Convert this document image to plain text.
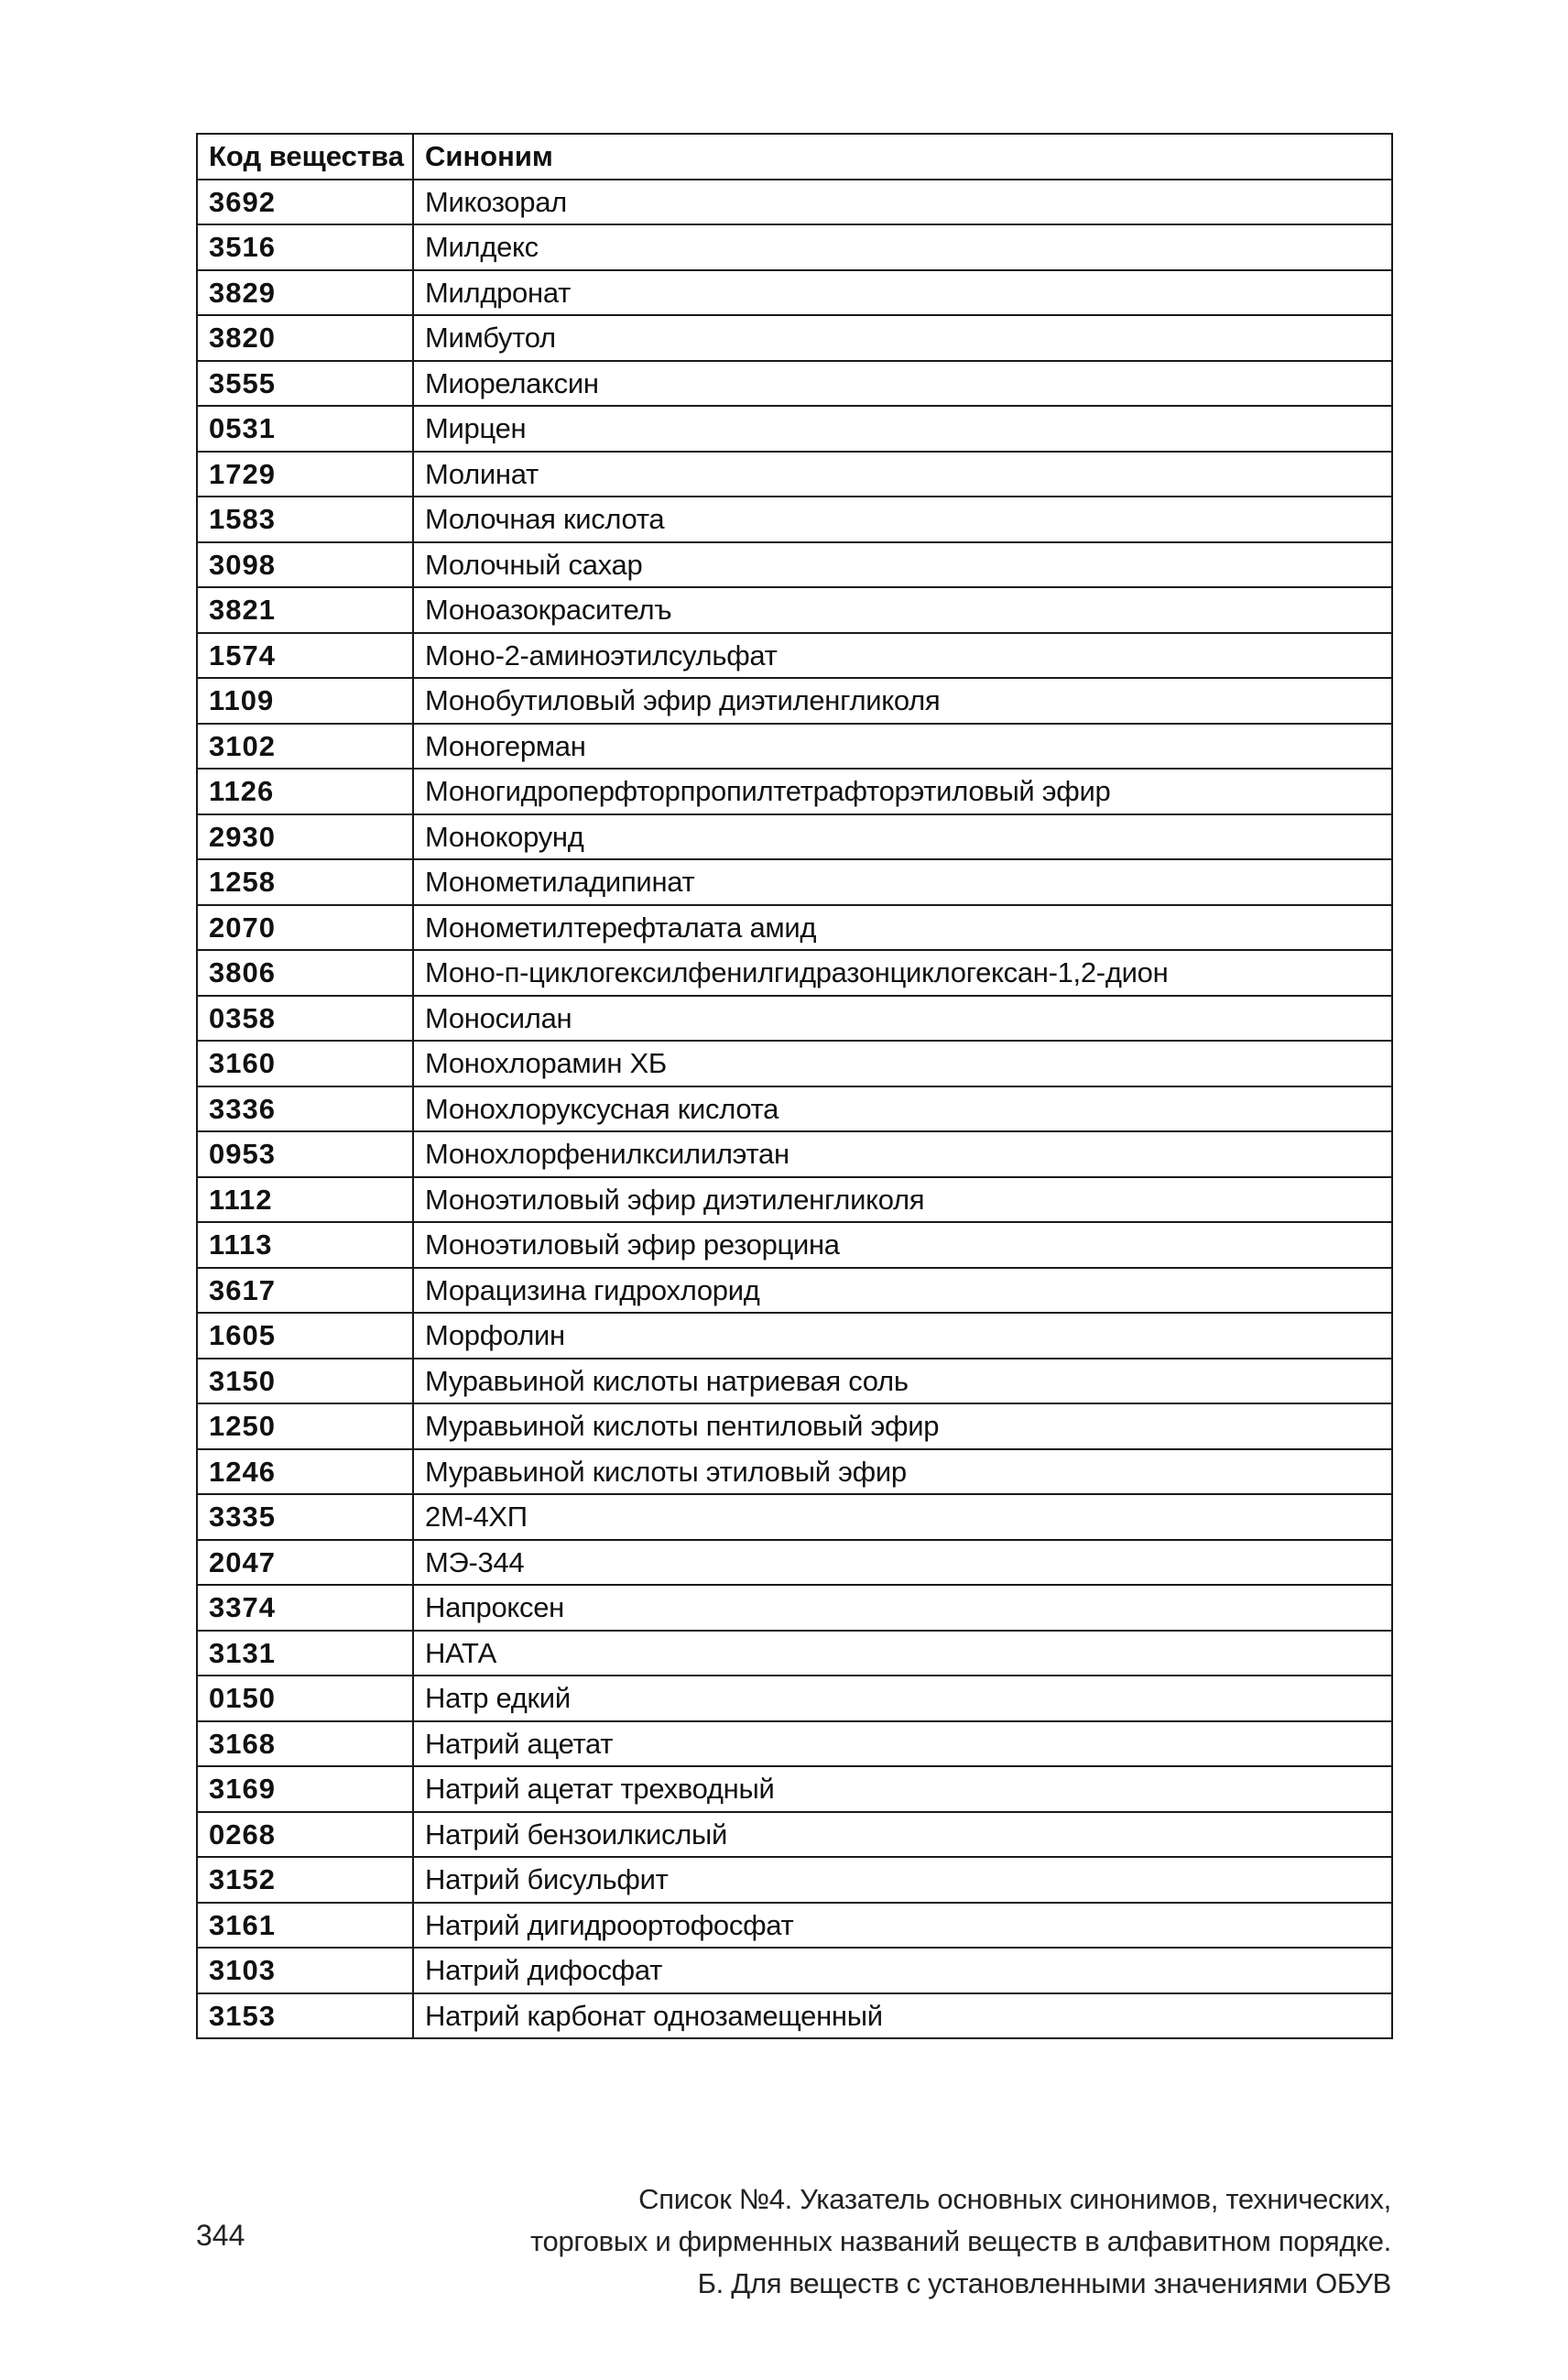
Код вещества	Синоним
3692	Микозорал
3516	Милдекс
3829	Милдронат
3820	Мимбутол
3555	Миорелаксин
0531	Мирцен
1729	Молинат
1583	Молочная кислота
3098	Молочный сахар
3821	Моноазокрасителъ
1574	Моно-2-аминоэтилсульфат
1109	Монобутиловый эфир диэтиленгликоля
3102	Моногерман
1126	Моногидроперфторпропилтетрафторэтиловый эфир
2930	Монокорунд
1258	Монометиладипинат
2070	Монометилтерефталата амид
3806	Моно-п-циклогексилфенилгидразонциклогексан-1,2-дион
0358	Моносилан
3160	Монохлорамин ХБ
3336	Монохлоруксусная кислота
0953	Монохлорфенилксилилэтан
1112	Моноэтиловый эфир диэтиленгликоля
1113	Моноэтиловый эфир резорцина
3617	Морацизина гидрохлорид
1605	Морфолин
3150	Муравьиной кислоты натриевая соль
1250	Муравьиной кислоты пентиловый эфир
1246	Муравьиной кислоты этиловый эфир
3335	2М-4ХП
2047	МЭ-344
3374	Напроксен
3131	НАТА
0150	Натр едкий
3168	Натрий ацетат
3169	Натрий ацетат трехводный
0268	Натрий бензоилкислый
3152	Натрий бисульфит
3161	Натрий дигидроортофосфат
3103	Натрий дифосфат
3153	Натрий карбонат однозамещенный
344
Список №4. Указатель основных синонимов, технических,
торговых и фирменных названий веществ в алфавитном порядке.
Б. Для веществ с установленными значениями ОБУВ
